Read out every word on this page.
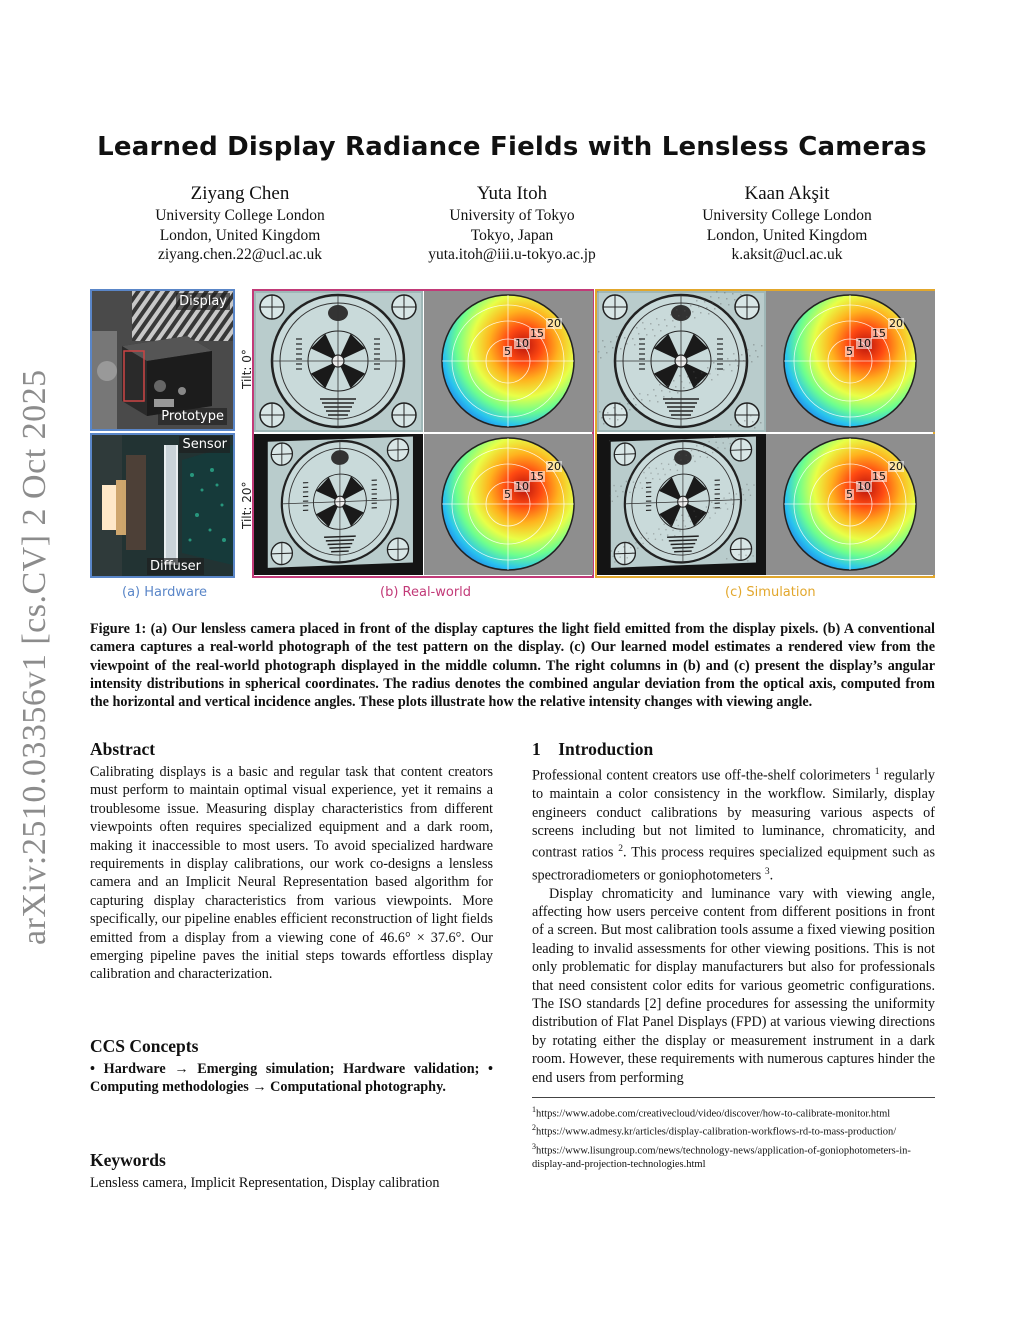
arXiv:2510.03356v1 [cs.CV] 2 Oct 2025
Learned Display Radiance Fields with Lensless Cameras
Ziyang Chen
University College London
London, United Kingdom
ziyang.chen.22@ucl.ac.uk
Yuta Itoh
University of Tokyo
Tokyo, Japan
yuta.itoh@iii.u-tokyo.ac.jp
Kaan Akşit
University College London
London, United Kingdom
k.aksit@ucl.ac.uk
Display
Prototype
Sensor
Diffuser
Tilt: 0°
Tilt: 20°
5
10
15
20
5
10
15
20
5
10
15
20
5
10
15
20
(a) Hardware	(b) Real-world	(c) Simulation
Figure 1: (a) Our lensless camera placed in front of the display captures the light field emitted from the display pixels. (b) A conventional camera captures a real-world photograph of the test pattern on the display. (c) Our learned model estimates a rendered view from the viewpoint of the real-world photograph displayed in the middle column. The right columns in (b) and (c) present the display’s angular intensity distributions in spherical coordinates. The radius denotes the combined angular deviation from the optical axis, computed from the horizontal and vertical incidence angles. These plots illustrate how the relative intensity changes with viewing angle.
Abstract

Calibrating displays is a basic and regular task that content creators must perform to maintain optimal visual experience, yet it remains a troublesome issue. Measuring display characteristics from different viewpoints often requires specialized equipment and a dark room, making it inaccessible to most users. To avoid specialized hardware requirements in display calibrations, our work co-designs a lensless camera and an Implicit Neural Representation based algorithm for capturing display characteristics from various viewpoints. More specifically, our pipeline enables efficient reconstruction of light fields emitted from a display from a viewing cone of 46.6° × 37.6°. Our emerging pipeline paves the initial steps towards effortless display calibration and characterization.

CCS Concepts

• Hardware → Emerging simulation; Hardware validation; • Computing methodologies → Computational photography.

Keywords

Lensless camera, Implicit Representation, Display calibration

1    Introduction

Professional content creators use off-the-shelf colorimeters $^1$ regularly to maintain a color consistency in the workflow. Similarly, display engineers conduct calibrations by measuring various aspects of screens including but not limited to luminance, chromaticity, and contrast ratios $^2$. This process requires specialized equipment such as spectroradiometers or goniophotometers $^3$.

Display chromaticity and luminance vary with viewing angle, affecting how users perceive content from different positions in front of a screen. But most calibration tools assume a fixed viewing position leading to invalid assessments for other viewing positions. This is not only problematic for display manufacturers but also for professionals that need consistent color edits for various geometric configurations. The ISO standards [2] define procedures for assessing the uniformity distribution of Flat Panel Displays (FPD) at various viewing directions by rotating either the display or measurement instrument in a dark room. However, these requirements with numerous captures hinder the end users from performing

$^1$https://www.adobe.com/creativecloud/video/discover/how-to-calibrate-monitor.html
$^2$https://www.admesy.kr/articles/display-calibration-workflows-rd-to-mass-production/
$^3$https://www.lisungroup.com/news/technology-news/application-of-goniophotometers-in-display-and-projection-technologies.html
